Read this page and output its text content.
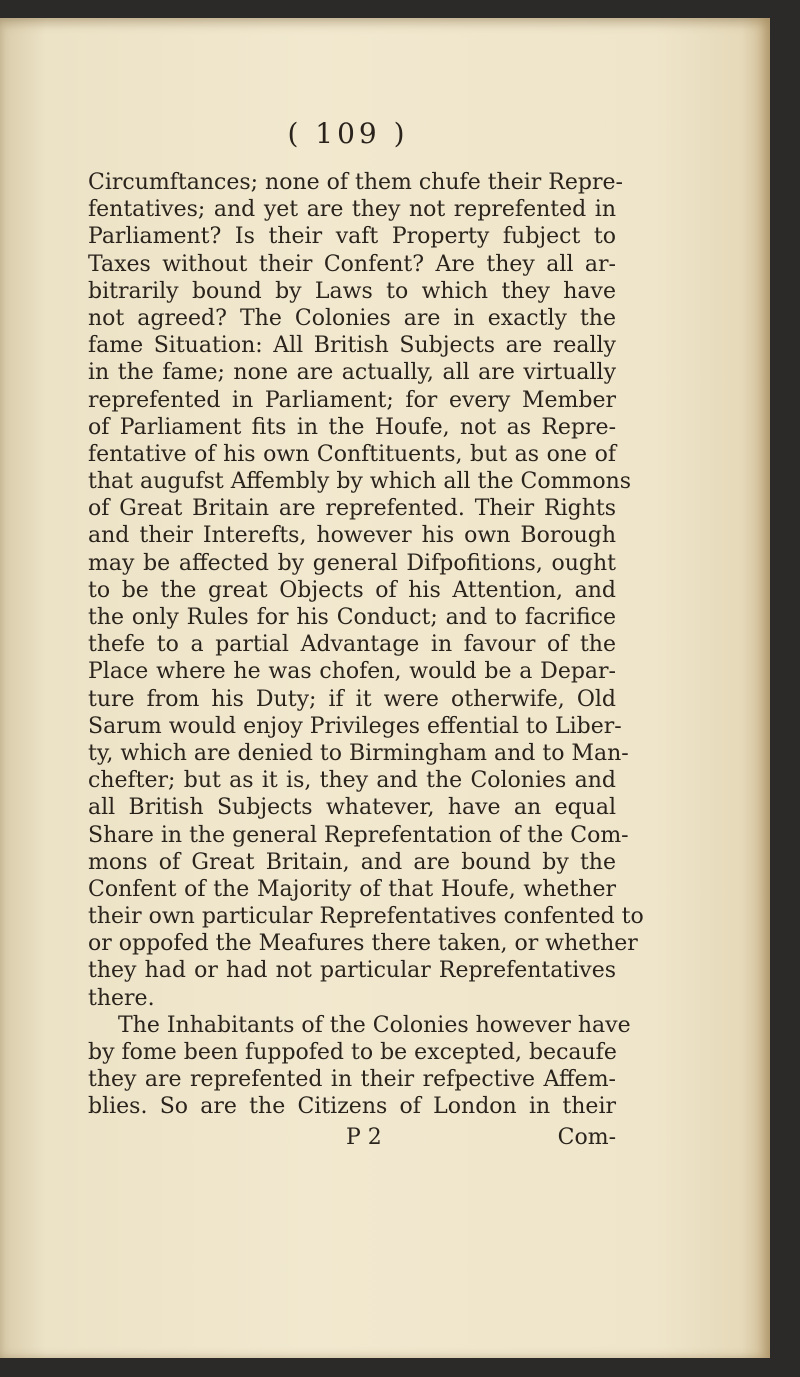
( 109 )
Circumftances; none of them chufe their Repre-
fentatives; and yet are they not reprefented in
Parliament? Is their vaft Property fubject to
Taxes without their Confent? Are they all ar-
bitrarily bound by Laws to which they have
not agreed? The Colonies are in exactly the
fame Situation: All British Subjects are really
in the fame; none are actually, all are virtually
reprefented in Parliament; for every Member
of Parliament fits in the Houfe, not as Repre-
fentative of his own Conftituents, but as one of
that augufst Affembly by which all the Commons
of Great Britain are reprefented. Their Rights
and their Interefts, however his own Borough
may be affected by general Difpofitions, ought
to be the great Objects of his Attention, and
the only Rules for his Conduct; and to facrifice
thefe to a partial Advantage in favour of the
Place where he was chofen, would be a Depar-
ture from his Duty; if it were otherwife, Old
Sarum would enjoy Privileges effential to Liber-
ty, which are denied to Birmingham and to Man-
chefter; but as it is, they and the Colonies and
all British Subjects whatever, have an equal
Share in the general Reprefentation of the Com-
mons of Great Britain, and are bound by the
Confent of the Majority of that Houfe, whether
their own particular Reprefentatives confented to
or oppofed the Meafures there taken, or whether
they had or had not particular Reprefentatives
there.
The Inhabitants of the Colonies however have
by fome been fuppofed to be excepted, becaufe
they are reprefented in their refpective Affem-
blies. So are the Citizens of London in their
P 2	Com-
